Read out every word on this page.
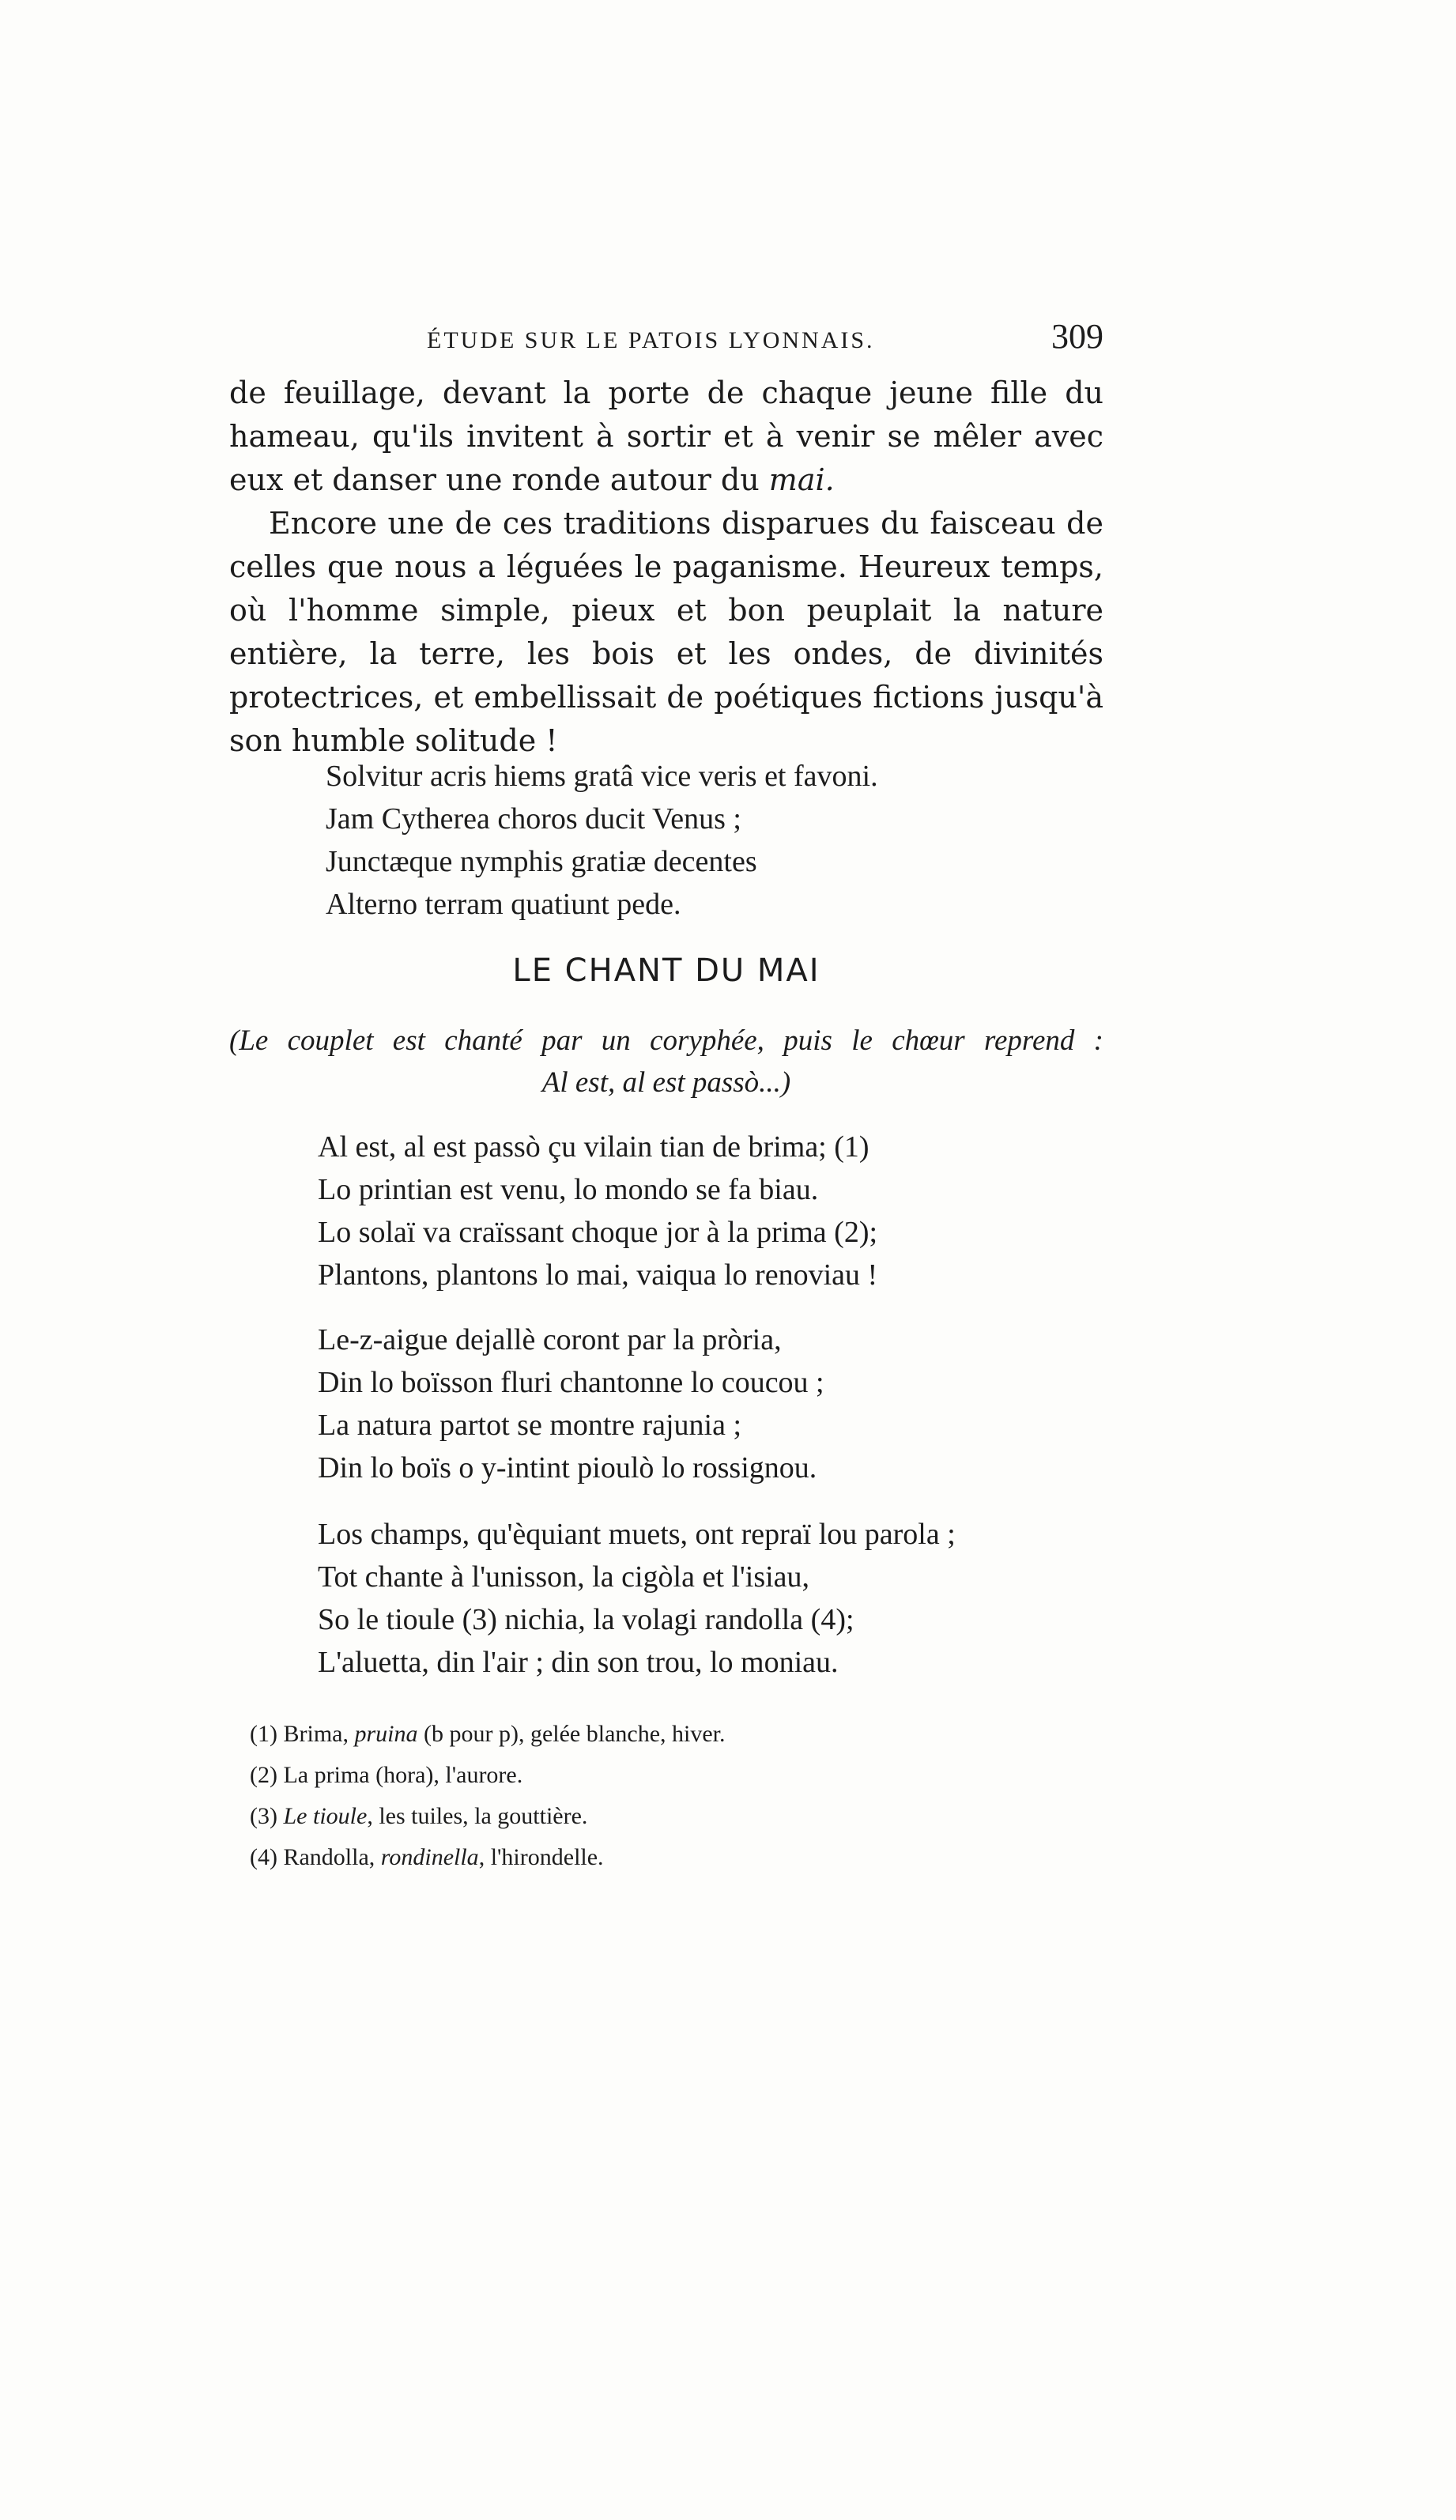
ÉTUDE SUR LE PATOIS LYONNAIS.	309

de feuillage, devant la porte de chaque jeune fille du hameau, qu'ils invitent à sortir et à venir se mêler avec eux et danser une ronde autour du mai.

Encore une de ces traditions disparues du faisceau de celles que nous a léguées le paganisme. Heureux temps, où l'homme simple, pieux et bon peuplait la nature entière, la terre, les bois et les ondes, de divinités protectrices, et embellissait de poétiques fictions jusqu'à son humble solitude !

Solvitur acris hiems gratâ vice veris et favoni.
Jam Cytherea choros ducit Venus ;
Junctæque nymphis gratiæ decentes
Alterno terram quatiunt pede.
LE CHANT DU MAI
(Le couplet est chanté par un coryphée, puis le chœur reprend :
Al est, al est passò...)
Al est, al est passò çu vilain tian de brima; (1)
Lo printian est venu, lo mondo se fa biau.
Lo solaï va craïssant choque jor à la prima (2);
Plantons, plantons lo mai, vaiqua lo renoviau !
Le-z-aigue dejallè coront par la pròria,
Din lo boïsson fluri chantonne lo coucou ;
La natura partot se montre rajunia ;
Din lo boïs o y-intint pioulò lo rossignou.
Los champs, qu'èquiant muets, ont repraï lou parola ;
Tot chante à l'unisson, la cigòla et l'isiau,
So le tioule (3) nichia, la volagi randolla (4);
L'aluetta, din l'air ; din son trou, lo moniau.
(1) Brima, pruina (b pour p), gelée blanche, hiver.
(2) La prima (hora), l'aurore.
(3) Le tioule, les tuiles, la gouttière.
(4) Randolla, rondinella, l'hirondelle.
